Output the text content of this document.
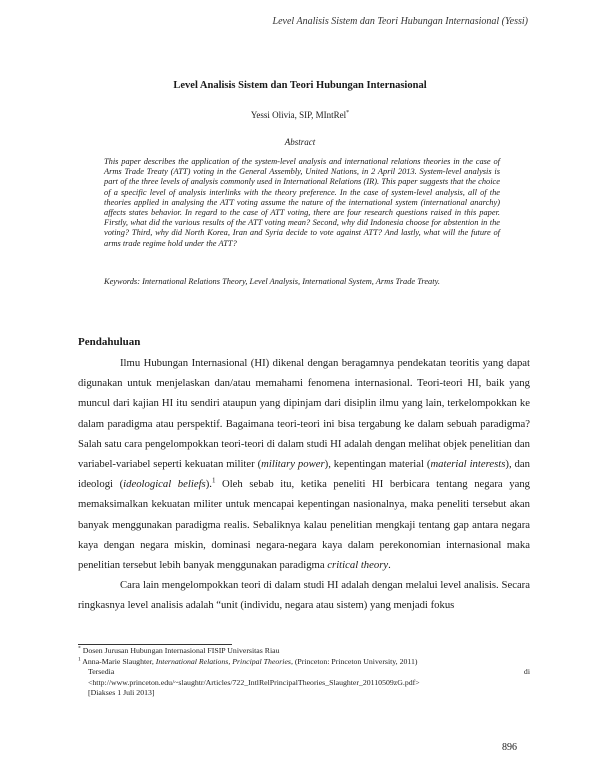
Level Analisis Sistem dan Teori Hubungan Internasional (Yessi)
Level Analisis Sistem dan Teori Hubungan Internasional
Yessi Olivia, SIP, MIntRel*
Abstract

This paper describes the application of the system-level analysis and international relations theories in the case of Arms Trade Treaty (ATT) voting in the General Assembly, United Nations, in 2 April 2013. System-level analysis is part of the three levels of analysis commonly used in International Relations (IR). This paper suggests that the choice of a specific level of analysis interlinks with the theory preference. In the case of system-level analysis, all of the theories applied in analysing the ATT voting assume the nature of the international system (international anarchy) affects states behavior. In regard to the case of ATT voting, there are four research questions raised in this paper. Firstly, what did the various results of the ATT voting mean? Second, why did Indonesia choose for abstention in the voting? Third, why did North Korea, Iran and Syria decide to vote against ATT? And lastly, what will the future of arms trade regime hold under the ATT?

Keywords: International Relations Theory, Level Analysis, International System, Arms Trade Treaty.

Pendahuluan

Ilmu Hubungan Internasional (HI) dikenal dengan beragamnya pendekatan teoritis yang dapat digunakan untuk menjelaskan dan/atau memahami fenomena internasional. Teori-teori HI, baik yang muncul dari kajian HI itu sendiri ataupun yang dipinjam dari disiplin ilmu yang lain, terkelompokkan ke dalam paradigma atau perspektif. Bagaimana teori-teori ini bisa tergabung ke dalam sebuah paradigma? Salah satu cara pengelompokkan teori-teori di dalam studi HI adalah dengan melihat objek penelitian dan variabel-variabel seperti kekuatan militer (military power), kepentingan material (material interests), dan ideologi (ideological beliefs).$^1$ Oleh sebab itu, ketika peneliti HI berbicara tentang negara yang memaksimalkan kekuatan militer untuk mencapai kepentingan nasionalnya, maka peneliti tersebut akan banyak menggunakan paradigma realis. Sebaliknya kalau penelitian mengkaji tentang gap antara negara kaya dengan negara miskin, dominasi negara-negara kaya dalam perekonomian internasional maka penelitian tersebut lebih banyak menggunakan paradigma critical theory.

Cara lain mengelompokkan teori di dalam studi HI adalah dengan melalui level analisis. Secara ringkasnya level analisis adalah “unit (individu, negara atau sistem) yang menjadi fokus

* Dosen Jurusan Hubungan Internasional FISIP Universitas Riau

$^1$ Anna-Marie Slaughter, International Relations, Principal Theories, (Princeton: Princeton University, 2011)

Tersedia	di

<http://www.princeton.edu/~slaughtr/Articles/722_IntlRelPrincipalTheories_Slaughter_20110509zG.pdf>

[Diakses 1 Juli 2013]

896
